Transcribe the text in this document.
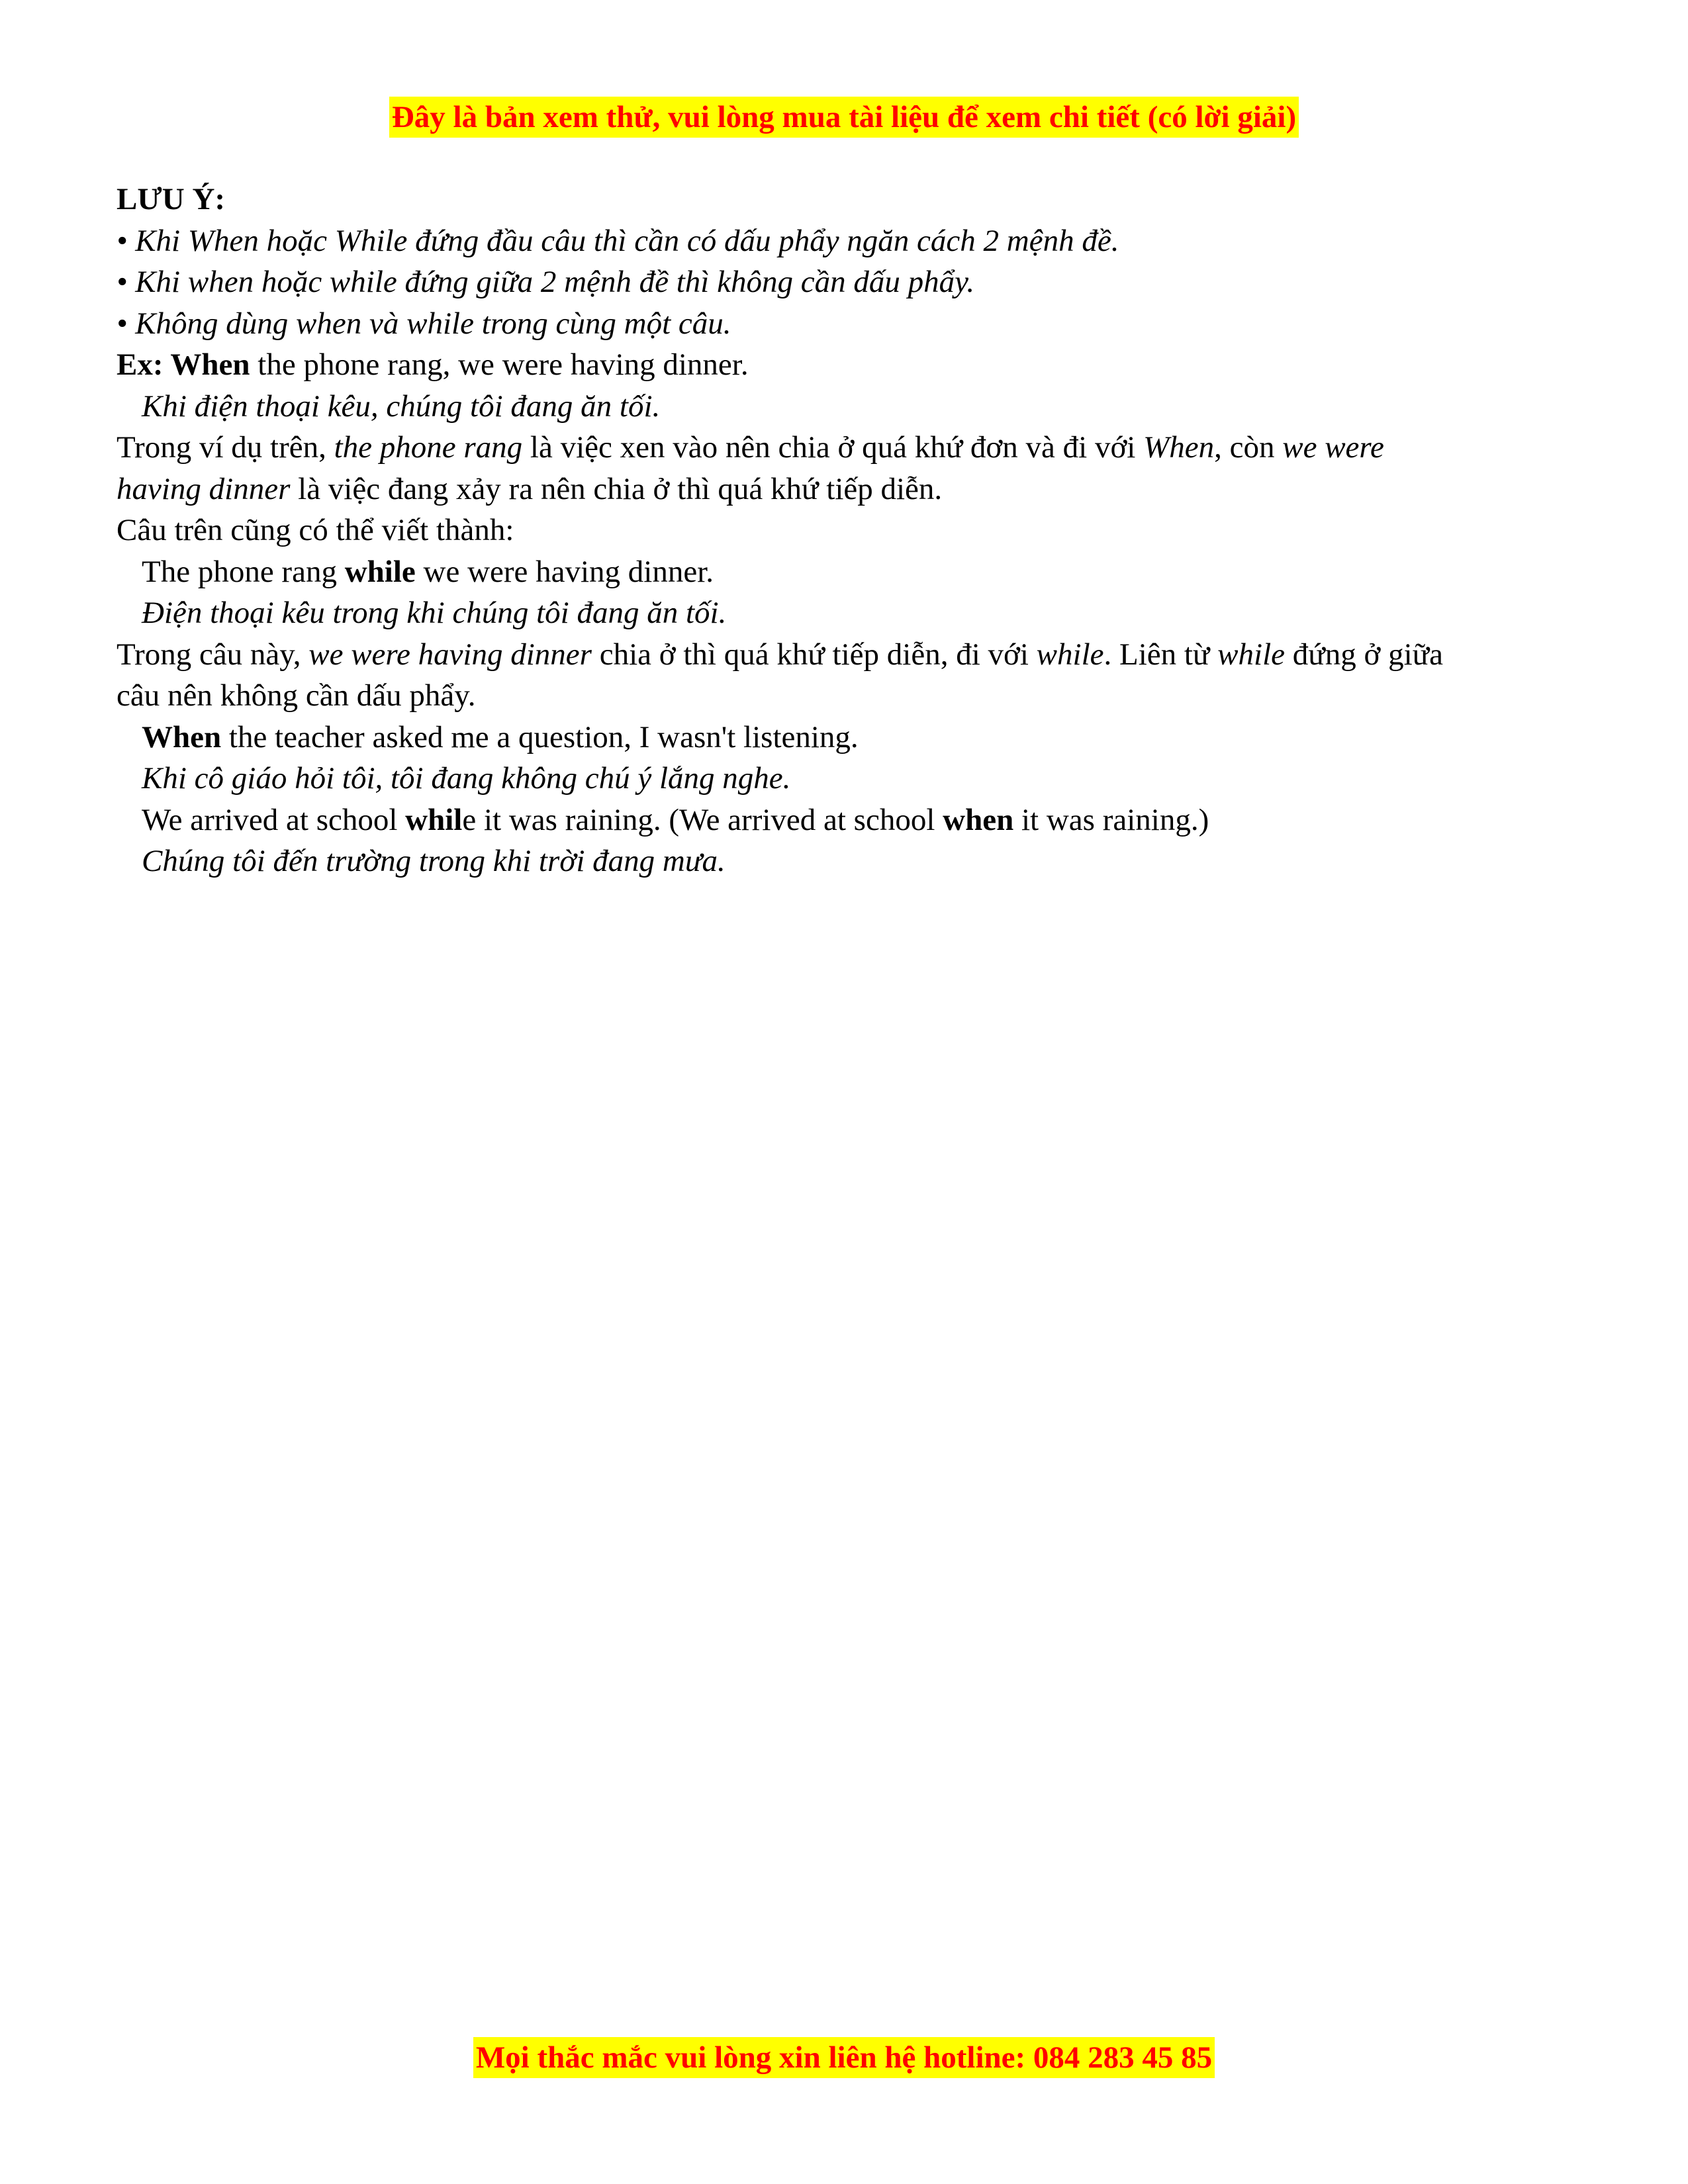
Đây là bản xem thử, vui lòng mua tài liệu để xem chi tiết (có lời giải)
LƯU Ý:
• Khi When hoặc While đứng đầu câu thì cần có dấu phẩy ngăn cách 2 mệnh đề.
• Khi when hoặc while đứng giữa 2 mệnh đề thì không cần dấu phẩy.
• Không dùng when và while trong cùng một câu.
Ex: When the phone rang, we were having dinner.
Khi điện thoại kêu, chúng tôi đang ăn tối.
Trong ví dụ trên, the phone rang là việc xen vào nên chia ở quá khứ đơn và đi với When, còn we were
having dinner là việc đang xảy ra nên chia ở thì quá khứ tiếp diễn.
Câu trên cũng có thể viết thành:
The phone rang while we were having dinner.
Điện thoại kêu trong khi chúng tôi đang ăn tối.
Trong câu này, we were having dinner chia ở thì quá khứ tiếp diễn, đi với while. Liên từ while đứng ở giữa
câu nên không cần dấu phẩy.
When the teacher asked me a question, I wasn't listening.
Khi cô giáo hỏi tôi, tôi đang không chú ý lắng nghe.
We arrived at school while it was raining. (We arrived at school when it was raining.)
Chúng tôi đến trường trong khi trời đang mưa.
Mọi thắc mắc vui lòng xin liên hệ hotline: 084 283 45 85
